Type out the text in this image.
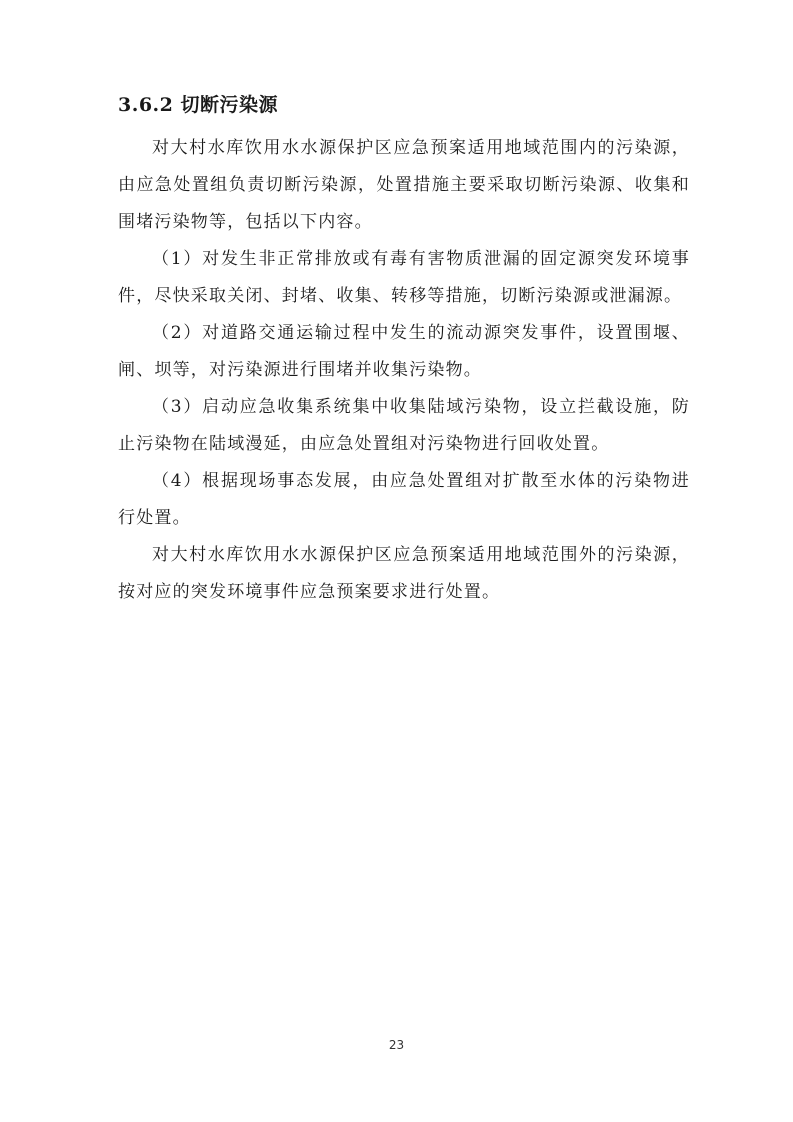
3.6.2 切断污染源

对大村水库饮用水水源保护区应急预案适用地域范围内的污染源， 由应急处置组负责切断污染源，处置措施主要采取切断污染源、收集和围堵污染物等，包括以下内容。

（1）对发生非正常排放或有毒有害物质泄漏的固定源突发环境事件，尽快采取关闭、封堵、收集、转移等措施，切断污染源或泄漏源。

（2）对道路交通运输过程中发生的流动源突发事件，设置围堰、闸、坝等，对污染源进行围堵并收集污染物。

（3）启动应急收集系统集中收集陆域污染物，设立拦截设施，防止污染物在陆域漫延，由应急处置组对污染物进行回收处置。

（4）根据现场事态发展，由应急处置组对扩散至水体的污染物进行处置。

对大村水库饮用水水源保护区应急预案适用地域范围外的污染源，按对应的突发环境事件应急预案要求进行处置。

23
